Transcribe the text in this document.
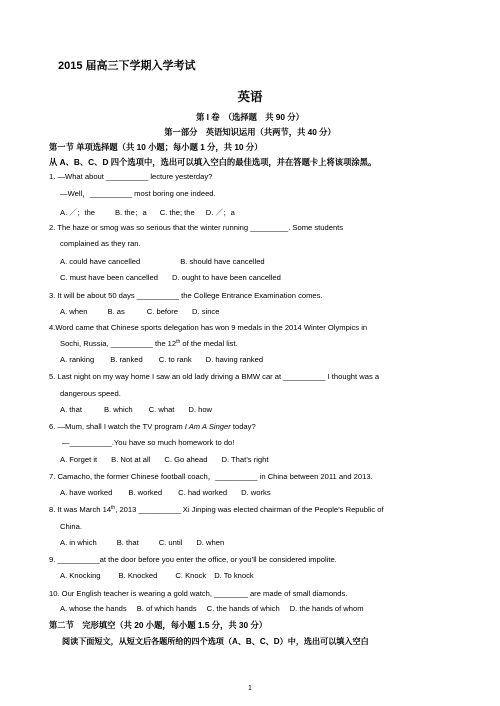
2015 届高三下学期入学考试
英语
第 I 卷　（选择题　共 90 分）
第一部分　英语知识运用（共两节，共 40 分）
第一节 单项选择题（共 10 小题；每小题 1 分，共 10 分）
从 A、B、C、D 四个选项中，选出可以填入空白的最佳选项，并在答题卡上将该项涂黑。
1. —What about __________ lecture yesterday?
—Well，__________ most boring one indeed.
A. ／；the	B. the；a C. the; the D. ／；a
2. The haze or smog was so serious that the winter running _________. Some students
complained as they ran.
A. could have cancelled	B. should have cancelled
C. must have been cancelled D. ought to have been cancelled
3. It will be about 50 days __________ the College Entrance Examination comes.
A. when	B. as	C. before D. since
4.Word came that Chinese sports delegation has won 9 medals in the 2014 Winter Olympics in
Sochi, Russia, __________ the 12th of the medal list.
A. ranking B. ranked C. to rank D. having ranked
5. Last night on my way home I saw an old lady driving a BMW car at __________ I thought was a
dangerous speed.
A. that	B. which C. what D. how
6. —Mum, shall I watch the TV program I Am A Singer today?
—__________.You have so much homework to do!
A. Forget it B. Not at all C. Go ahead D. That’s right
7. Camacho, the former Chinese football coach，__________ in China between 2011 and 2013.
A. have worked B. worked C. had worked D. works
8. It was March 14th, 2013 __________ Xi Jinping was elected chairman of the People’s Republic of
China.
A. in which	B. that	C. until D. when
9. __________at the door before you enter the office, or you’ll be considered impolite.
A. Knocking B. Knocked C. Knock D. To knock
10. Our English teacher is wearing a gold watch, ________ are made of small diamonds.
A. whose the hands B. of which hands C. the hands of which D. the hands of whom
第二节　完形填空（共 20 小题，每小题 1.5 分，共 30 分）
阅读下面短文，从短文后各题所给的四个选项（A、B、C、D）中，选出可以填入空白
1
